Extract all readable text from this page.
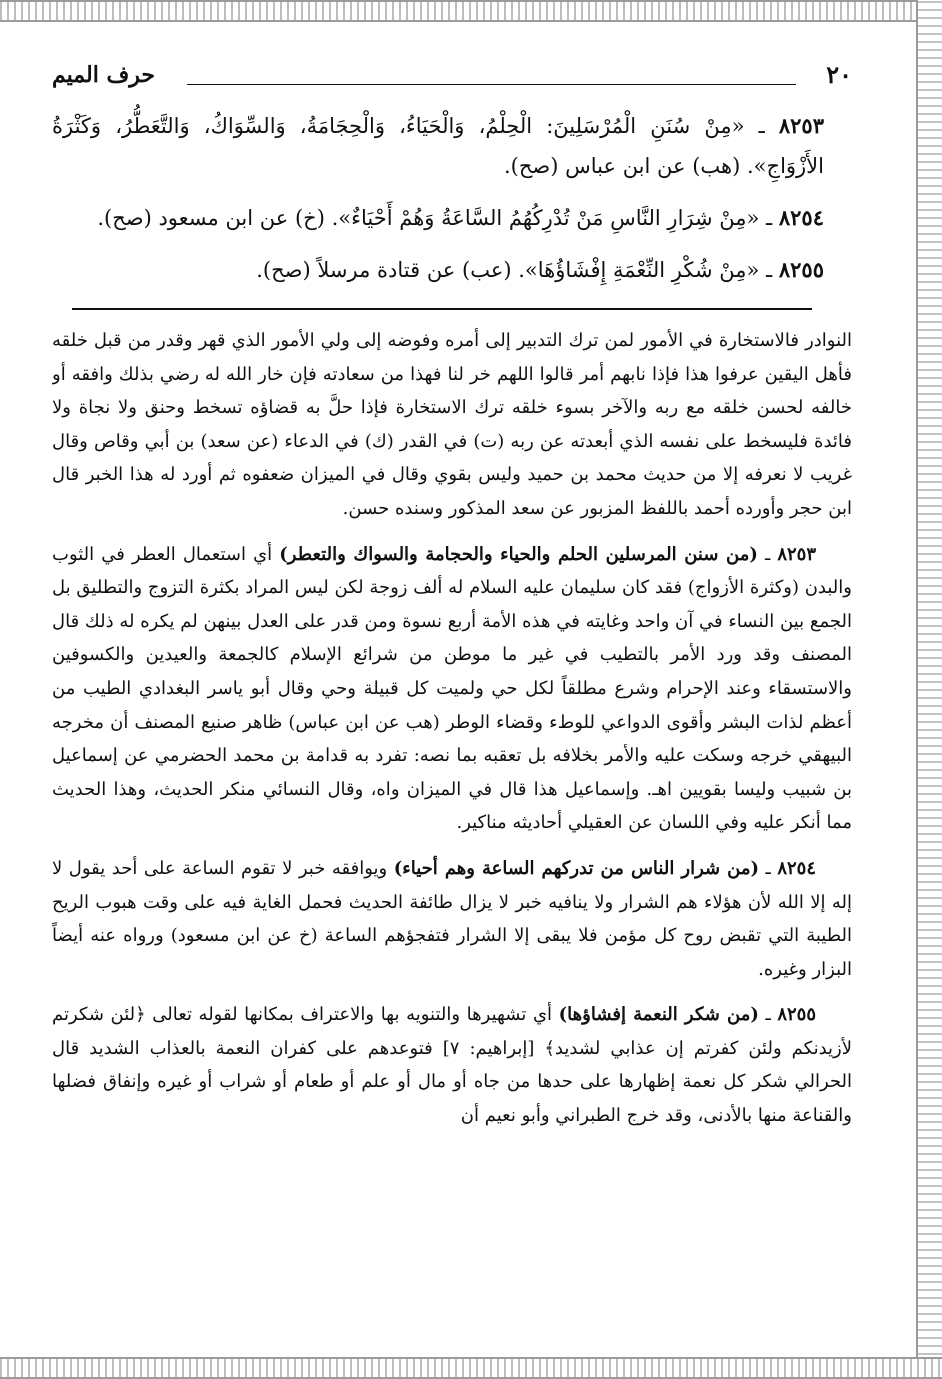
٢٠
حرف الميم

٨٢٥٣ ـ «مِنْ سُنَنِ الْمُرْسَلِينَ: الْحِلْمُ، وَالْحَيَاءُ، وَالْحِجَامَةُ، وَالسِّوَاكُ، وَالتَّعَطُّرُ، وَكَثْرَةُ الأَزْوَاجِ». (هب) عن ابن عباس (صح).

٨٢٥٤ ـ «مِنْ شِرَارِ النَّاسِ مَنْ تُدْرِكُهُمُ السَّاعَةُ وَهُمْ أَحْيَاءٌ». (خ) عن ابن مسعود (صح).

٨٢٥٥ ـ «مِنْ شُكْرِ النِّعْمَةِ إِفْشَاؤُهَا». (عب) عن قتادة مرسلاً (صح).

النوادر فالاستخارة في الأمور لمن ترك التدبير إلى أمره وفوضه إلى ولي الأمور الذي قهر وقدر من قبل خلقه فأهل اليقين عرفوا هذا فإذا نابهم أمر قالوا اللهم خر لنا فهذا من سعادته فإن خار الله له رضي بذلك وافقه أو خالفه لحسن خلقه مع ربه والآخر بسوء خلقه ترك الاستخارة فإذا حلَّ به قضاؤه تسخط وحنق ولا نجاة ولا فائدة فليسخط على نفسه الذي أبعدته عن ربه (ت) في القدر (ك) في الدعاء (عن سعد) بن أبي وقاص وقال غريب لا نعرفه إلا من حديث محمد بن حميد وليس بقوي وقال في الميزان ضعفوه ثم أورد له هذا الخبر قال ابن حجر وأورده أحمد باللفظ المزبور عن سعد المذكور وسنده حسن.

٨٢٥٣ ـ (من سنن المرسلين الحلم والحياء والحجامة والسواك والتعطر) أي استعمال العطر في الثوب والبدن (وكثرة الأزواج) فقد كان سليمان عليه السلام له ألف زوجة لكن ليس المراد بكثرة التزوج والتطليق بل الجمع بين النساء في آن واحد وغايته في هذه الأمة أربع نسوة ومن قدر على العدل بينهن لم يكره له ذلك قال المصنف وقد ورد الأمر بالتطيب في غير ما موطن من شرائع الإسلام كالجمعة والعيدين والكسوفين والاستسقاء وعند الإحرام وشرع مطلقاً لكل حي ولميت كل قبيلة وحي وقال أبو ياسر البغدادي الطيب من أعظم لذات البشر وأقوى الدواعي للوطء وقضاء الوطر (هب عن ابن عباس) ظاهر صنيع المصنف أن مخرجه البيهقي خرجه وسكت عليه والأمر بخلافه بل تعقبه بما نصه: تفرد به قدامة بن محمد الحضرمي عن إسماعيل بن شبيب وليسا بقويين اهـ. وإسماعيل هذا قال في الميزان واه، وقال النسائي منكر الحديث، وهذا الحديث مما أنكر عليه وفي اللسان عن العقيلي أحاديثه مناكير.

٨٢٥٤ ـ (من شرار الناس من تدركهم الساعة وهم أحياء) ويوافقه خبر لا تقوم الساعة على أحد يقول لا إله إلا الله لأن هؤلاء هم الشرار ولا ينافيه خبر لا يزال طائفة الحديث فحمل الغاية فيه على وقت هبوب الريح الطيبة التي تقبض روح كل مؤمن فلا يبقى إلا الشرار فتفجؤهم الساعة (خ عن ابن مسعود) ورواه عنه أيضاً البزار وغيره.

٨٢٥٥ ـ (من شكر النعمة إفشاؤها) أي تشهيرها والتنويه بها والاعتراف بمكانها لقوله تعالى ﴿لئن شكرتم لأزيدنكم ولئن كفرتم إن عذابي لشديد﴾ [إبراهيم: ٧] فتوعدهم على كفران النعمة بالعذاب الشديد قال الحرالي شكر كل نعمة إظهارها على حدها من جاه أو مال أو علم أو طعام أو شراب أو غيره وإنفاق فضلها والقناعة منها بالأدنى، وقد خرج الطبراني وأبو نعيم أن
